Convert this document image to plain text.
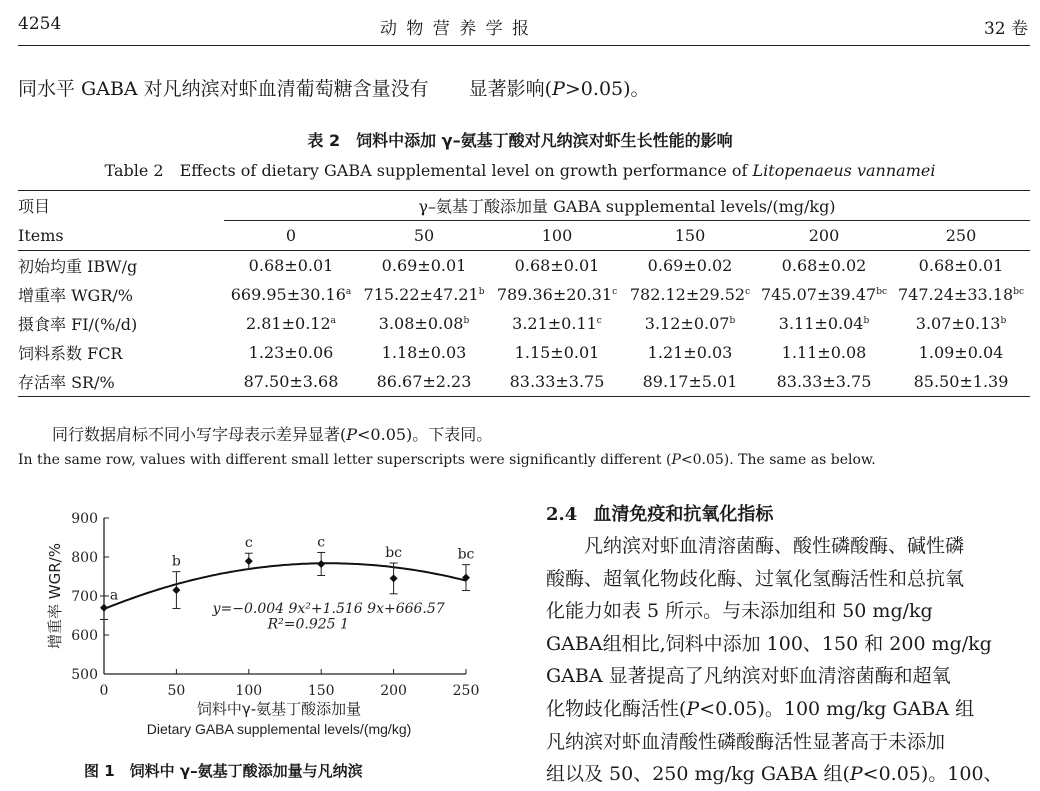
4254	动 物 营 养 学 报	32 卷
同水平 GABA 对凡纳滨对虾血清葡萄糖含量没有 显著影响(P>0.05)。
表 2　饲料中添加 γ–氨基丁酸对凡纳滨对虾生长性能的影响
Table 2　Effects of dietary GABA supplemental level on growth performance of Litopenaeus vannamei
项目	γ–氨基丁酸添加量 GABA supplemental levels/(mg/kg)					
Items	0	50	100	150	200	250
初始均重 IBW/g	0.68±0.01	0.69±0.01	0.68±0.01	0.69±0.02	0.68±0.02	0.68±0.01
增重率 WGR/%	669.95±30.16$^a$	715.22±47.21$^b$	789.36±20.31$^c$	782.12±29.52$^c$	745.07±39.47$^{bc}$	747.24±33.18$^{bc}$
摄食率 FI/(%/d)	2.81±0.12$^a$	3.08±0.08$^b$	3.21±0.11$^c$	3.12±0.07$^b$	3.11±0.04$^b$	3.07±0.13$^b$
饲料系数 FCR	1.23±0.06	1.18±0.03	1.15±0.01	1.21±0.03	1.11±0.08	1.09±0.04
存活率 SR/%	87.50±3.68	86.67±2.23	83.33±3.75	89.17±5.01	83.33±3.75	85.50±1.39
同行数据肩标不同小写字母表示差异显著(P<0.05)。下表同。
In the same row, values with different small letter superscripts were significantly different (P<0.05). The same as below.
500
600
700
800
900
0	50	100	150	200	250
a
b
c	c
bc	bc
y=−0.004 9x²+1.516 9x+666.57
R²=0.925 1
增重率 WGR/%
饲料中γ-氨基丁酸添加量
Dietary GABA supplemental levels/(mg/kg)
图 1　饲料中 γ–氨基丁酸添加量与凡纳滨
2.4 血清免疫和抗氧化指标
　　凡纳滨对虾血清溶菌酶、酸性磷酸酶、碱性磷
酸酶、超氧化物歧化酶、过氧化氢酶活性和总抗氧
化能力如表 5 所示。与未添加组和 50 mg/kg
GABA组相比,饲料中添加 100、150 和 200 mg/kg
GABA 显著提高了凡纳滨对虾血清溶菌酶和超氧
化物歧化酶活性(P<0.05)。100 mg/kg GABA 组
凡纳滨对虾血清酸性磷酸酶活性显著高于未添加
组以及 50、250 mg/kg GABA 组(P<0.05)。100、
